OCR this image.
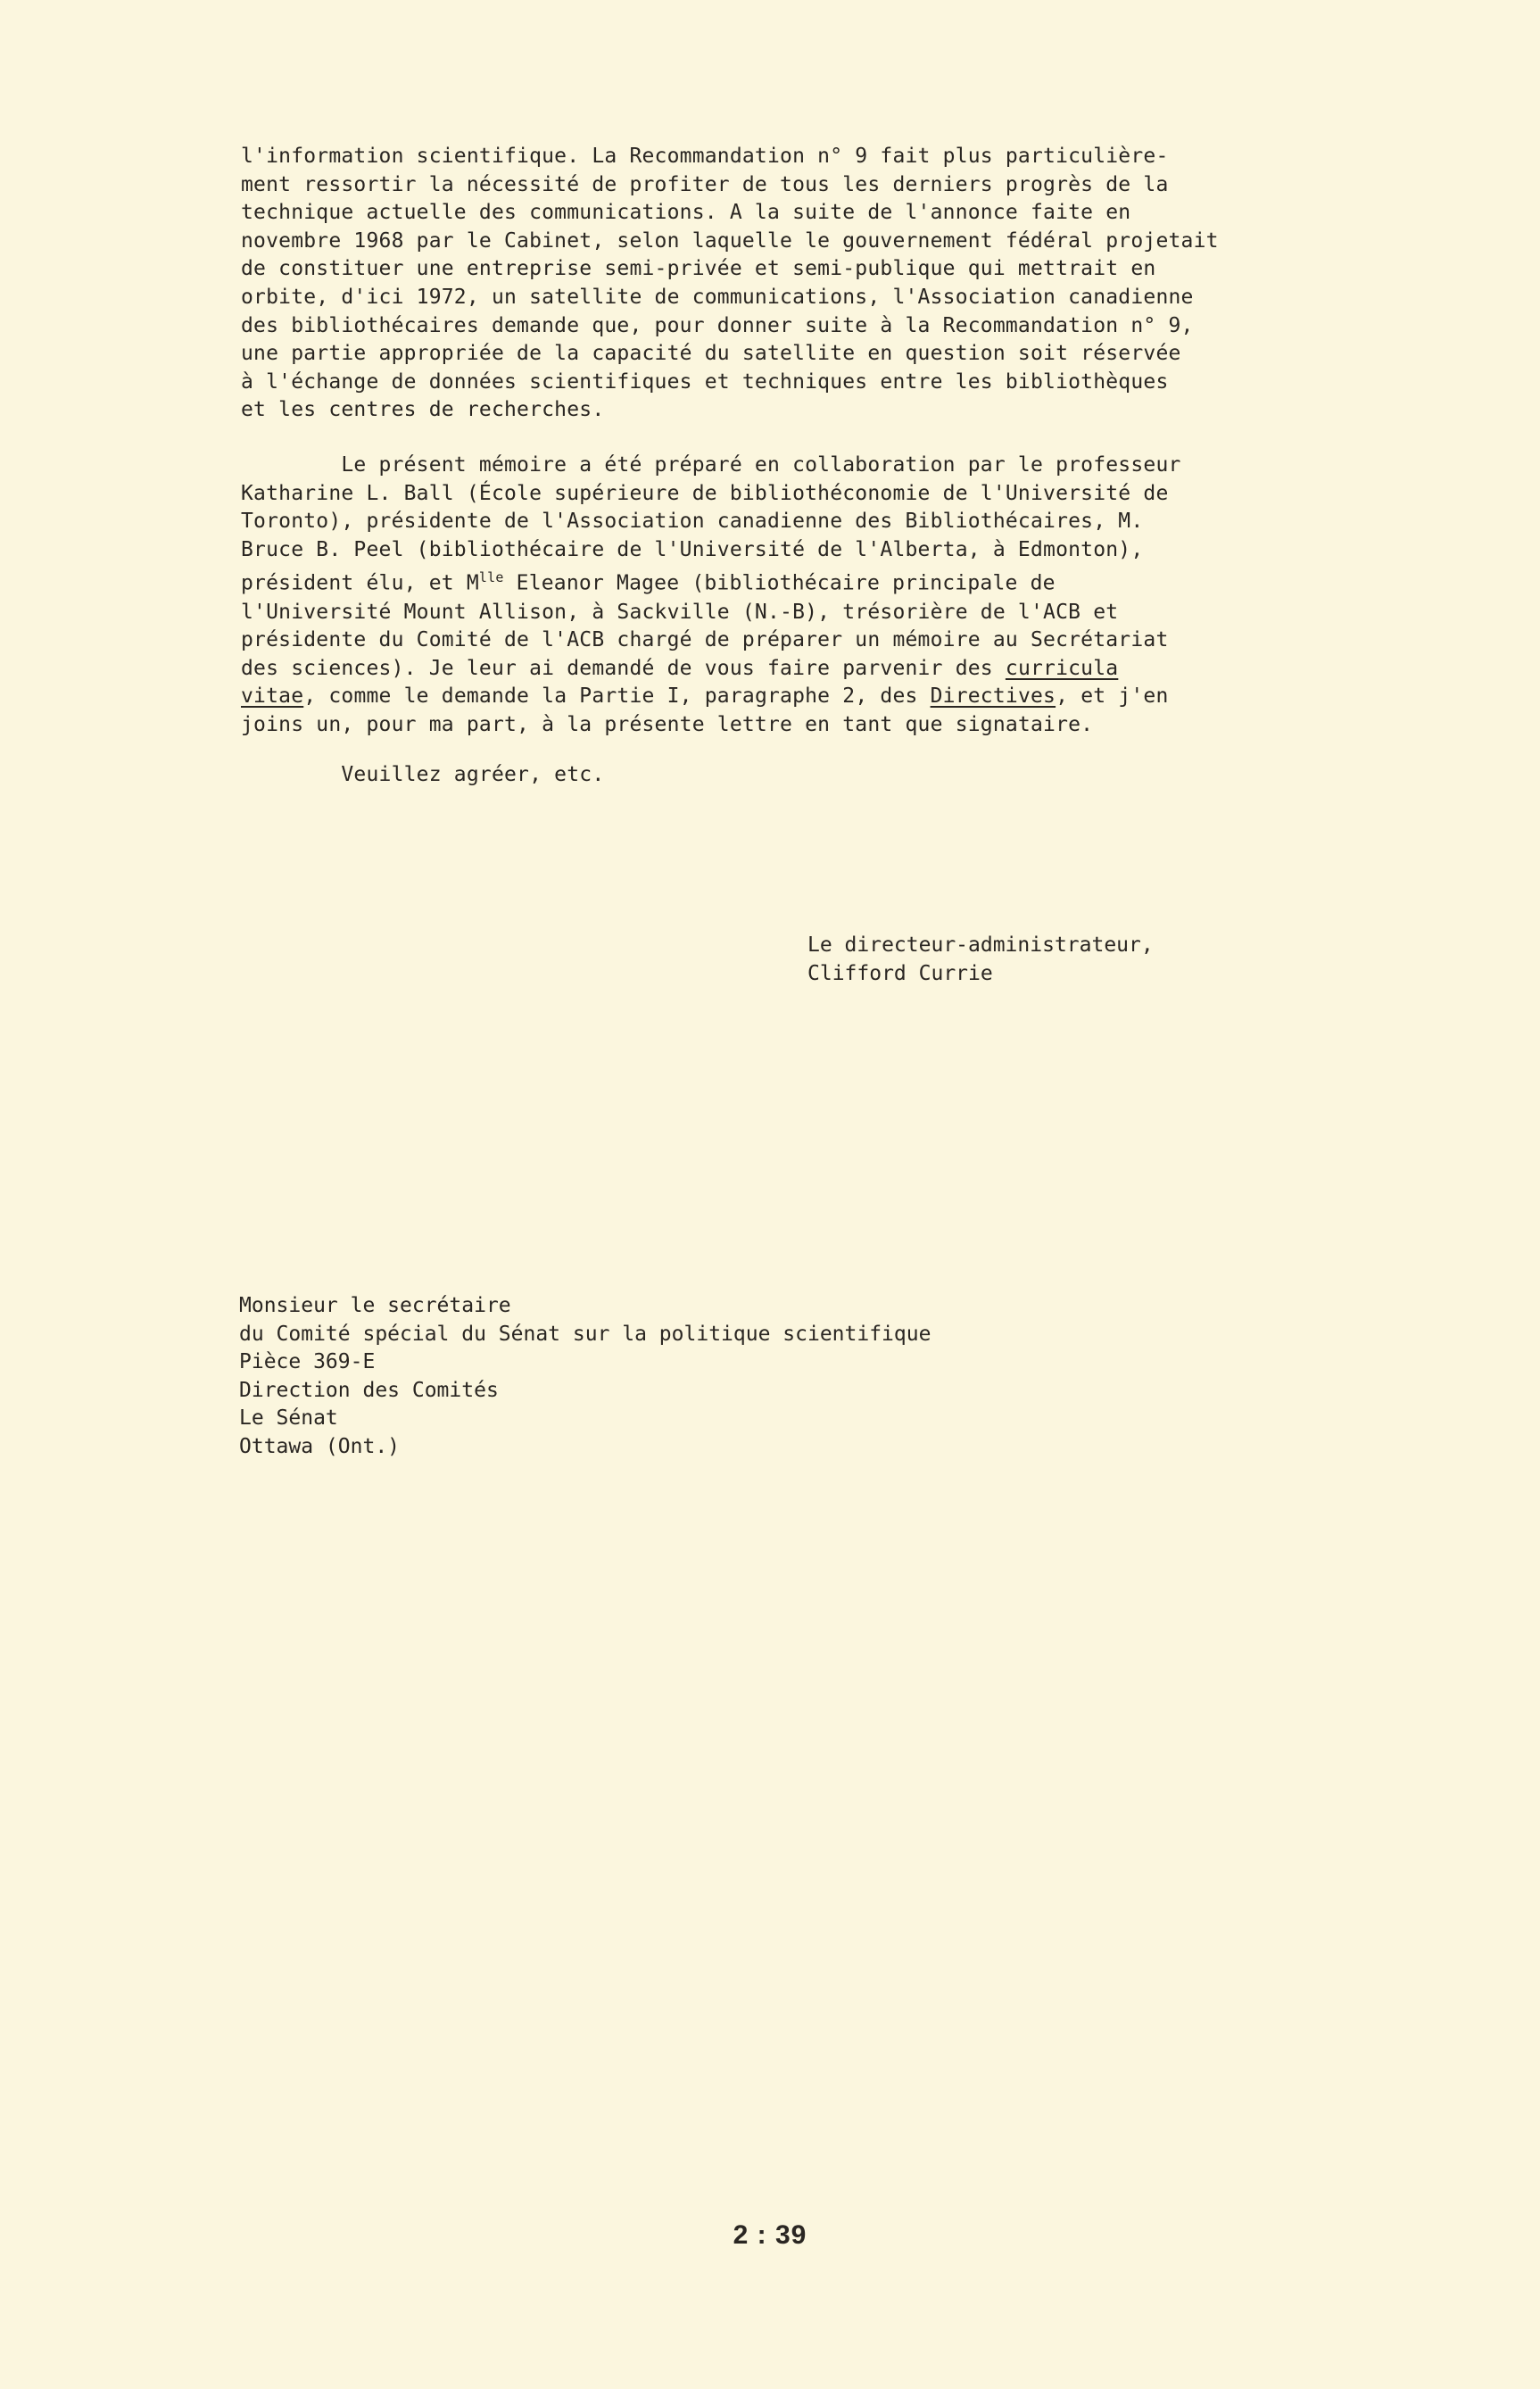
l'information scientifique. La Recommandation n° 9 fait plus particulière-
ment ressortir la nécessité de profiter de tous les derniers progrès de la
technique actuelle des communications. A la suite de l'annonce faite en
novembre 1968 par le Cabinet, selon laquelle le gouvernement fédéral projetait
de constituer une entreprise semi-privée et semi-publique qui mettrait en
orbite, d'ici 1972, un satellite de communications, l'Association canadienne
des bibliothécaires demande que, pour donner suite à la Recommandation n° 9,
une partie appropriée de la capacité du satellite en question soit réservée
à l'échange de données scientifiques et techniques entre les bibliothèques
et les centres de recherches.
Le présent mémoire a été préparé en collaboration par le professeur
Katharine L. Ball (École supérieure de bibliothéconomie de l'Université de
Toronto), présidente de l'Association canadienne des Bibliothécaires, M.
Bruce B. Peel (bibliothécaire de l'Université de l'Alberta, à Edmonton),
président élu, et $M^{lle}$ Eleanor Magee (bibliothécaire principale de
l'Université Mount Allison, à Sackville (N.-B), trésorière de l'ACB et
présidente du Comité de l'ACB chargé de préparer un mémoire au Secrétariat
des sciences). Je leur ai demandé de vous faire parvenir des curricula
vitae, comme le demande la Partie I, paragraphe 2, des Directives, et j'en
joins un, pour ma part, à la présente lettre en tant que signataire.
Veuillez agréer, etc.
Le directeur-administrateur,
Clifford Currie
Monsieur le secrétaire
du Comité spécial du Sénat sur la politique scientifique
Pièce 369-E
Direction des Comités
Le Sénat
Ottawa (Ont.)
2 : 39
